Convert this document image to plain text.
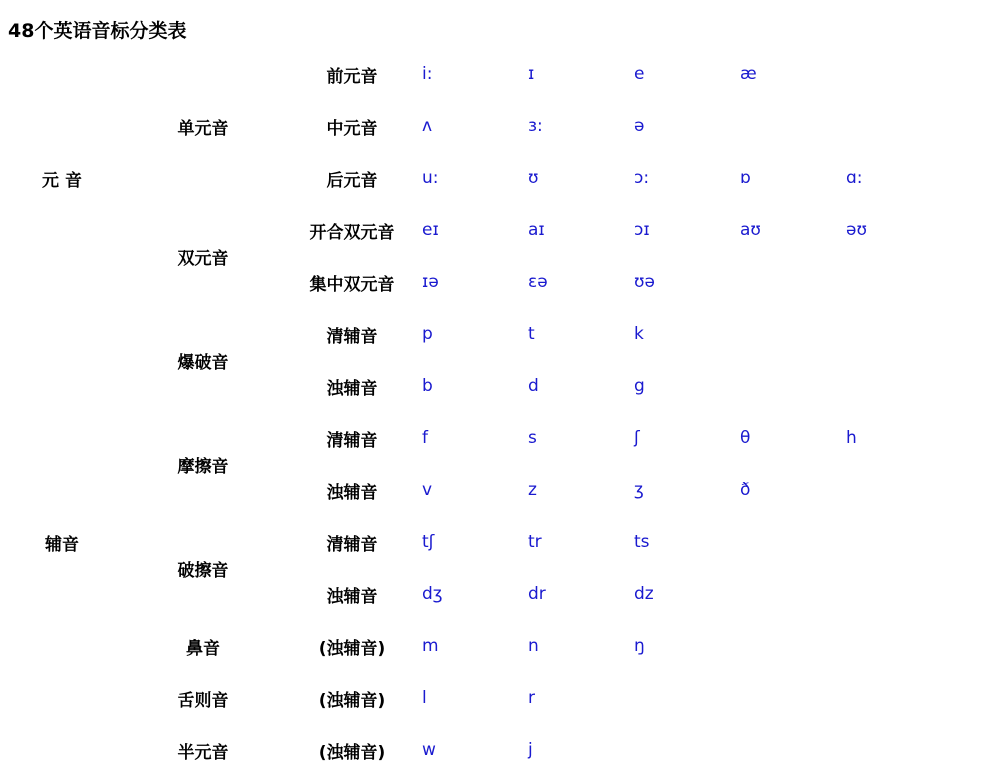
48个英语音标分类表
元 音	单元音	前元音	i:	ɪ	e	æ	
		中元音	ʌ	ɜ:	ə		
		后元音	u:	ʊ	ɔ:	ɒ	ɑ:
	双元音	开合双元音	eɪ	aɪ	ɔɪ	aʊ	əʊ
		集中双元音	ɪə	ɛə	ʊə		
辅音	爆破音	清辅音	p	t	k		
		浊辅音	b	d	g		
	摩擦音	清辅音	f	s	ʃ	θ	h
		浊辅音	v	z	ʒ	ð	
	破擦音	清辅音	tʃ	tr	ts		
		浊辅音	dʒ	dr	dz		
	鼻音	(浊辅音)	m	n	ŋ		
	舌则音	(浊辅音)	l	r			
	半元音	(浊辅音)	w	j			
